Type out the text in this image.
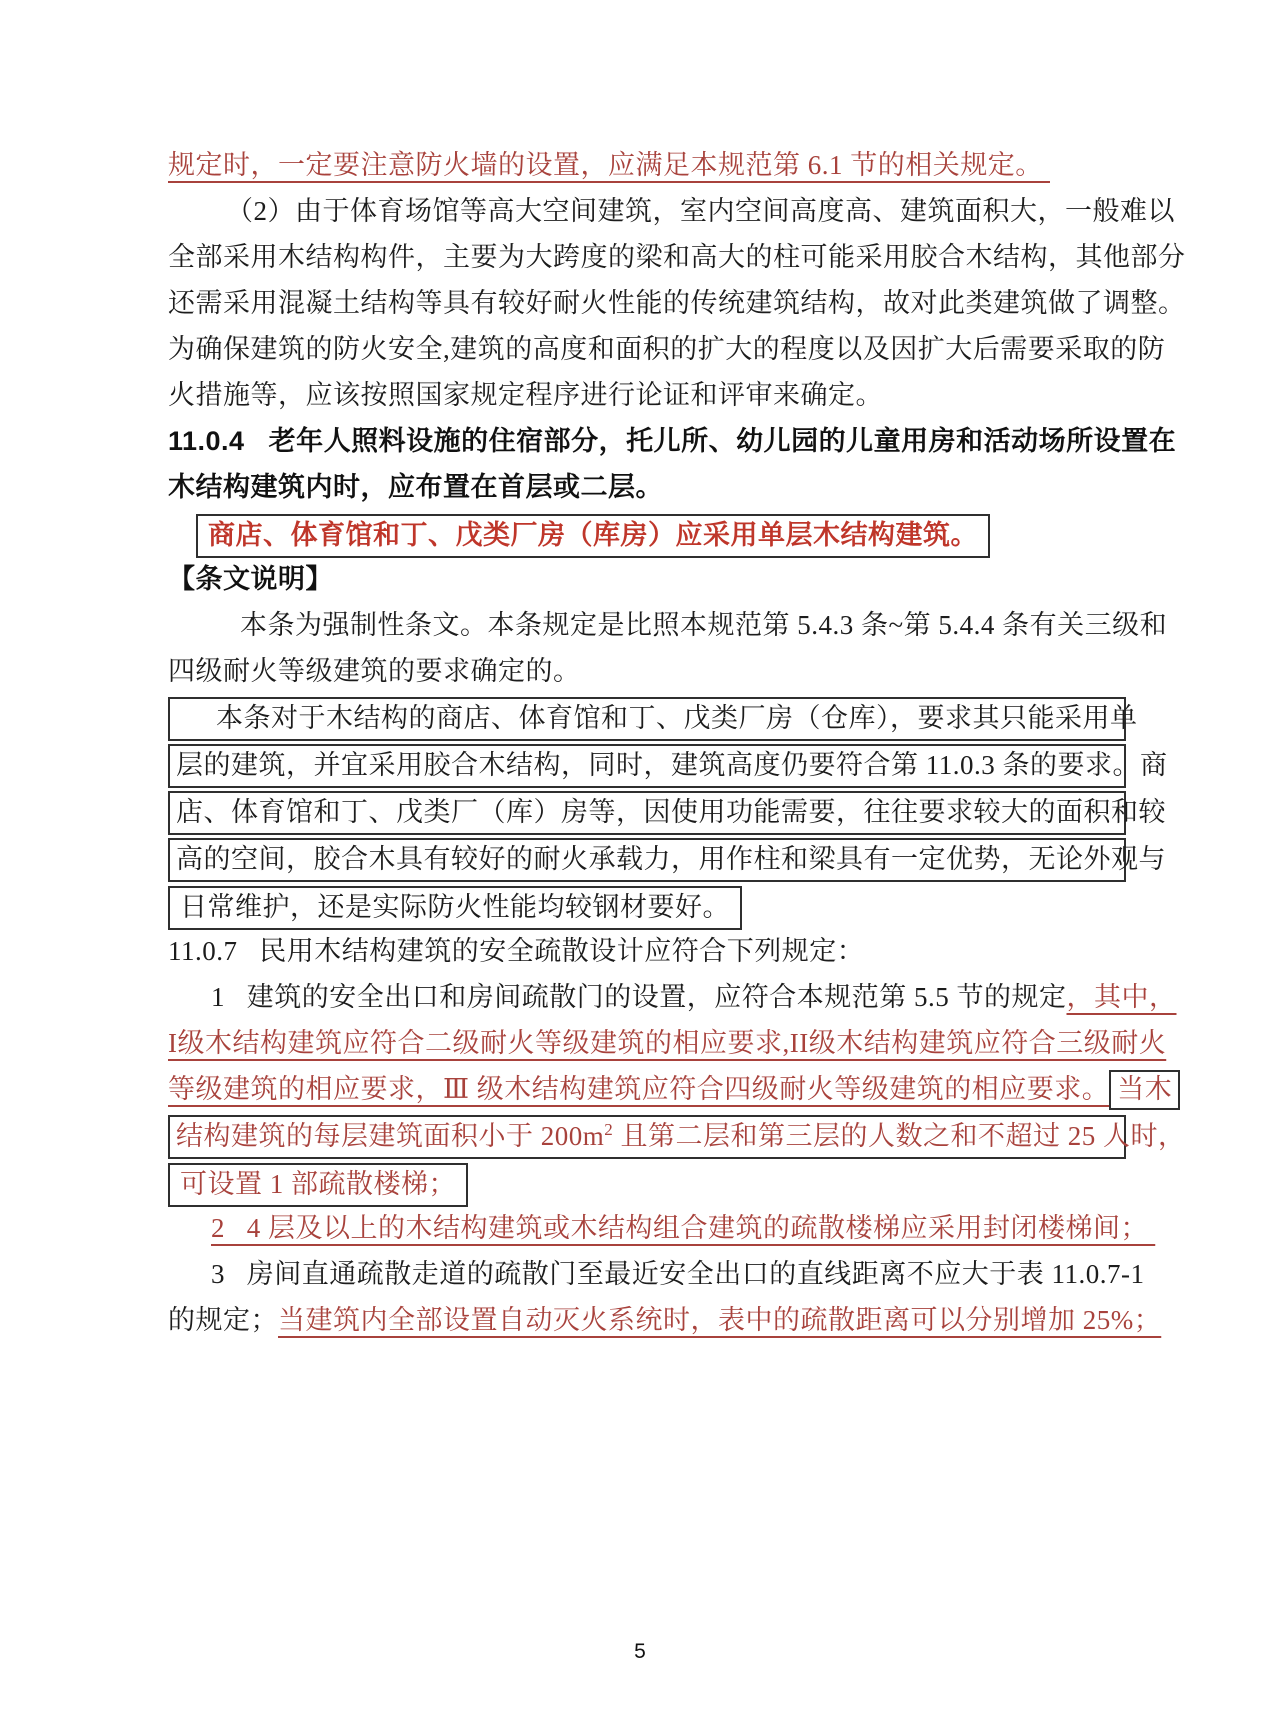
规定时，一定要注意防火墙的设置，应满足本规范第 6.1 节的相关规定。
（2）由于体育场馆等高大空间建筑，室内空间高度高、建筑面积大，一般难以
全部采用木结构构件，主要为大跨度的梁和高大的柱可能采用胶合木结构，其他部分
还需采用混凝土结构等具有较好耐火性能的传统建筑结构，故对此类建筑做了调整。
为确保建筑的防火安全,建筑的高度和面积的扩大的程度以及因扩大后需要采取的防
火措施等，应该按照国家规定程序进行论证和评审来确定。
11.0.4   老年人照料设施的住宿部分，托儿所、幼儿园的儿童用房和活动场所设置在
木结构建筑内时，应布置在首层或二层。
商店、体育馆和丁、戊类厂房（库房）应采用单层木结构建筑。
【条文说明】
本条为强制性条文。本条规定是比照本规范第 5.4.3 条~第 5.4.4 条有关三级和
四级耐火等级建筑的要求确定的。
本条对于木结构的商店、体育馆和丁、戊类厂房（仓库），要求其只能采用单
层的建筑，并宜采用胶合木结构，同时，建筑高度仍要符合第 11.0.3 条的要求。商
店、体育馆和丁、戊类厂（库）房等，因使用功能需要，往往要求较大的面积和较
高的空间，胶合木具有较好的耐火承载力，用作柱和梁具有一定优势，无论外观与
日常维护，还是实际防火性能均较钢材要好。
11.0.7   民用木结构建筑的安全疏散设计应符合下列规定：
1   建筑的安全出口和房间疏散门的设置，应符合本规范第 5.5 节的规定，其中，
I级木结构建筑应符合二级耐火等级建筑的相应要求,II级木结构建筑应符合三级耐火
等级建筑的相应要求，Ⅲ 级木结构建筑应符合四级耐火等级建筑的相应要求。 当木
结构建筑的每层建筑面积小于 $200m^2$ 且第二层和第三层的人数之和不超过 25 人时，
可设置 1 部疏散楼梯；
2   4 层及以上的木结构建筑或木结构组合建筑的疏散楼梯应采用封闭楼梯间；
3   房间直通疏散走道的疏散门至最近安全出口的直线距离不应大于表 11.0.7-1
的规定；当建筑内全部设置自动灭火系统时，表中的疏散距离可以分别增加 25%；
5
